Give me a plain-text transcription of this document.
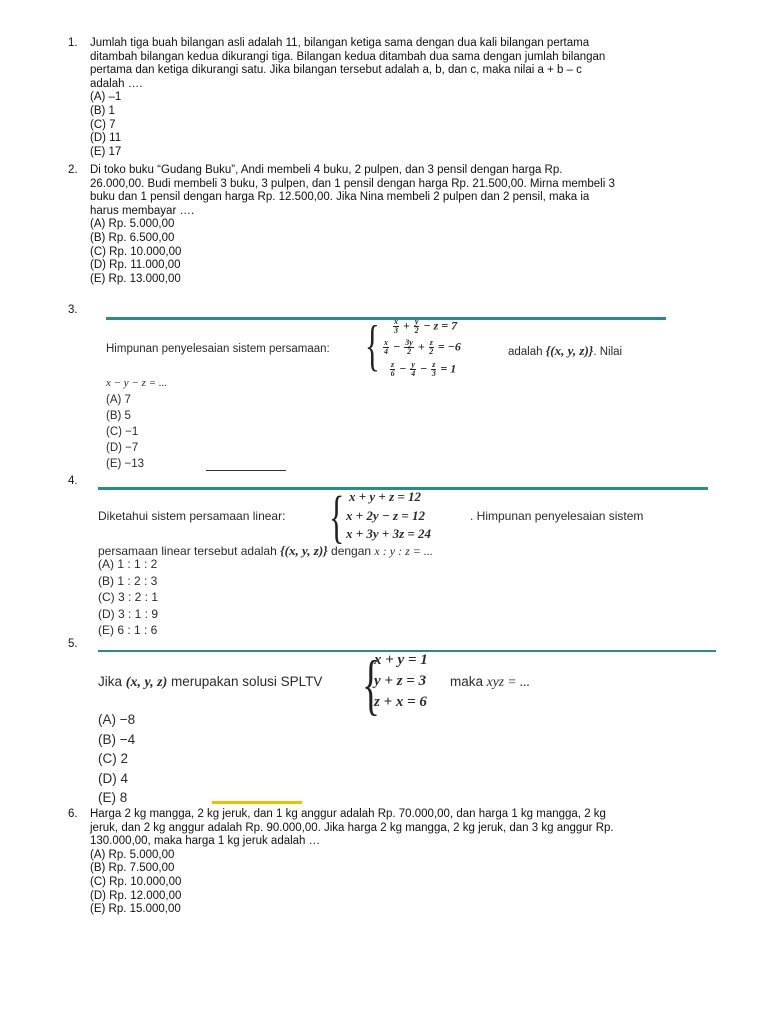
1. Jumlah tiga buah bilangan asli adalah 11, bilangan ketiga sama dengan dua kali bilangan pertama

ditambah bilangan kedua dikurangi tiga. Bilangan kedua ditambah dua sama dengan jumlah bilangan

pertama dan ketiga dikurangi satu. Jika bilangan tersebut adalah a, b, dan c, maka nilai a + b – c

adalah ….

(A) –1
(B) 1
(C) 7
(D) 11
(E) 17
2. Di toko buku “Gudang Buku”, Andi membeli 4 buku, 2 pulpen, dan 3 pensil dengan harga Rp.

26.000,00. Budi membeli 3 buku, 3 pulpen, dan 1 pensil dengan harga Rp. 21.500,00. Mirna membeli 3

buku dan 1 pensil dengan harga Rp. 12.500,00. Jika Nina membeli 2 pulpen dan 2 pensil, maka ia

harus membayar ….

(A) Rp. 5.000,00
(B) Rp. 6.500,00
(C) Rp. 10.000,00
(D) Rp. 11.000,00
(E) Rp. 13.000,00
3.
Himpunan penyelesaian sistem persamaan: { $\frac{x}{3} + \frac{y}{2} - z = 7$
$\frac{x}{4} - \frac{3y}{2} + \frac{z}{2} = -6$
$\frac{z}{6} - \frac{y}{4} - \frac{z}{3} = 1$
adalah {(x, y, z)}. Nilai
x − y − z = ...
(A) 7
(B) 5
(C) −1
(D) −7
(E) −13
4.
Diketahui sistem persamaan linear: { x + y + z = 12
x + 2y − z = 12
x + 3y + 3z = 24
. Himpunan penyelesaian sistem
persamaan linear tersebut adalah {(x, y, z)} dengan x : y : z = ...
(A) 1 : 1 : 2
(B) 1 : 2 : 3
(C) 3 : 2 : 1
(D) 3 : 1 : 9
(E) 6 : 1 : 6
5.
Jika (x, y, z) merupakan solusi SPLTV {
x + y = 1
y + z = 3
z + x = 6
maka xyz = ...
(A) −8
(B) −4
(C) 2
(D) 4
(E) 8
6. Harga 2 kg mangga, 2 kg jeruk, dan 1 kg anggur adalah Rp. 70.000,00, dan harga 1 kg mangga, 2 kg

jeruk, dan 2 kg anggur adalah Rp. 90.000,00. Jika harga 2 kg mangga, 2 kg jeruk, dan 3 kg anggur Rp.

130.000,00, maka harga 1 kg jeruk adalah …

(A) Rp. 5.000,00
(B) Rp. 7.500,00
(C) Rp. 10.000,00
(D) Rp. 12.000,00
(E) Rp. 15.000,00
